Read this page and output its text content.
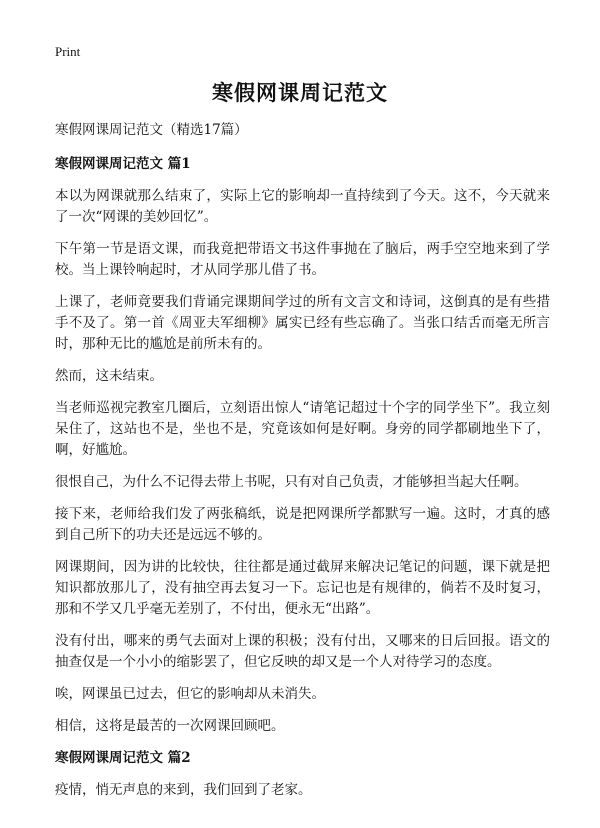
Print
寒假网课周记范文
寒假网课周记范文（精选17篇）
寒假网课周记范文 篇1

本以为网课就那么结束了，实际上它的影响却一直持续到了今天。这不，今天就来了一次“网课的美妙回忆”。

下午第一节是语文课，而我竟把带语文书这件事抛在了脑后，两手空空地来到了学校。当上课铃响起时，才从同学那儿借了书。

上课了，老师竟要我们背诵完课期间学过的所有文言文和诗词，这倒真的是有些措手不及了。第一首《周亚夫军细柳》属实已经有些忘确了。当张口结舌而毫无所言时，那种无比的尴尬是前所未有的。

然而，这未结束。

当老师巡视完教室几圈后，立刻语出惊人“请笔记超过十个字的同学坐下”。我立刻呆住了，这站也不是，坐也不是，究竟该如何是好啊。身旁的同学都刷地坐下了，啊，好尴尬。

很恨自己，为什么不记得去带上书呢，只有对自己负责，才能够担当起大任啊。

接下来，老师给我们发了两张稿纸，说是把网课所学都默写一遍。这时，才真的感到自己所下的功夫还是远远不够的。

网课期间，因为讲的比较快，往往都是通过截屏来解决记笔记的问题，课下就是把知识都放那儿了，没有抽空再去复习一下。忘记也是有规律的，倘若不及时复习，那和不学又几乎毫无差别了，不付出，便永无“出路”。

没有付出，哪来的勇气去面对上课的积极；没有付出，又哪来的日后回报。语文的抽查仅是一个小小的缩影罢了，但它反映的却又是一个人对待学习的态度。

唉，网课虽已过去，但它的影响却从未消失。

相信，这将是最苦的一次网课回顾吧。

寒假网课周记范文 篇2

疫情，悄无声息的来到，我们回到了老家。
